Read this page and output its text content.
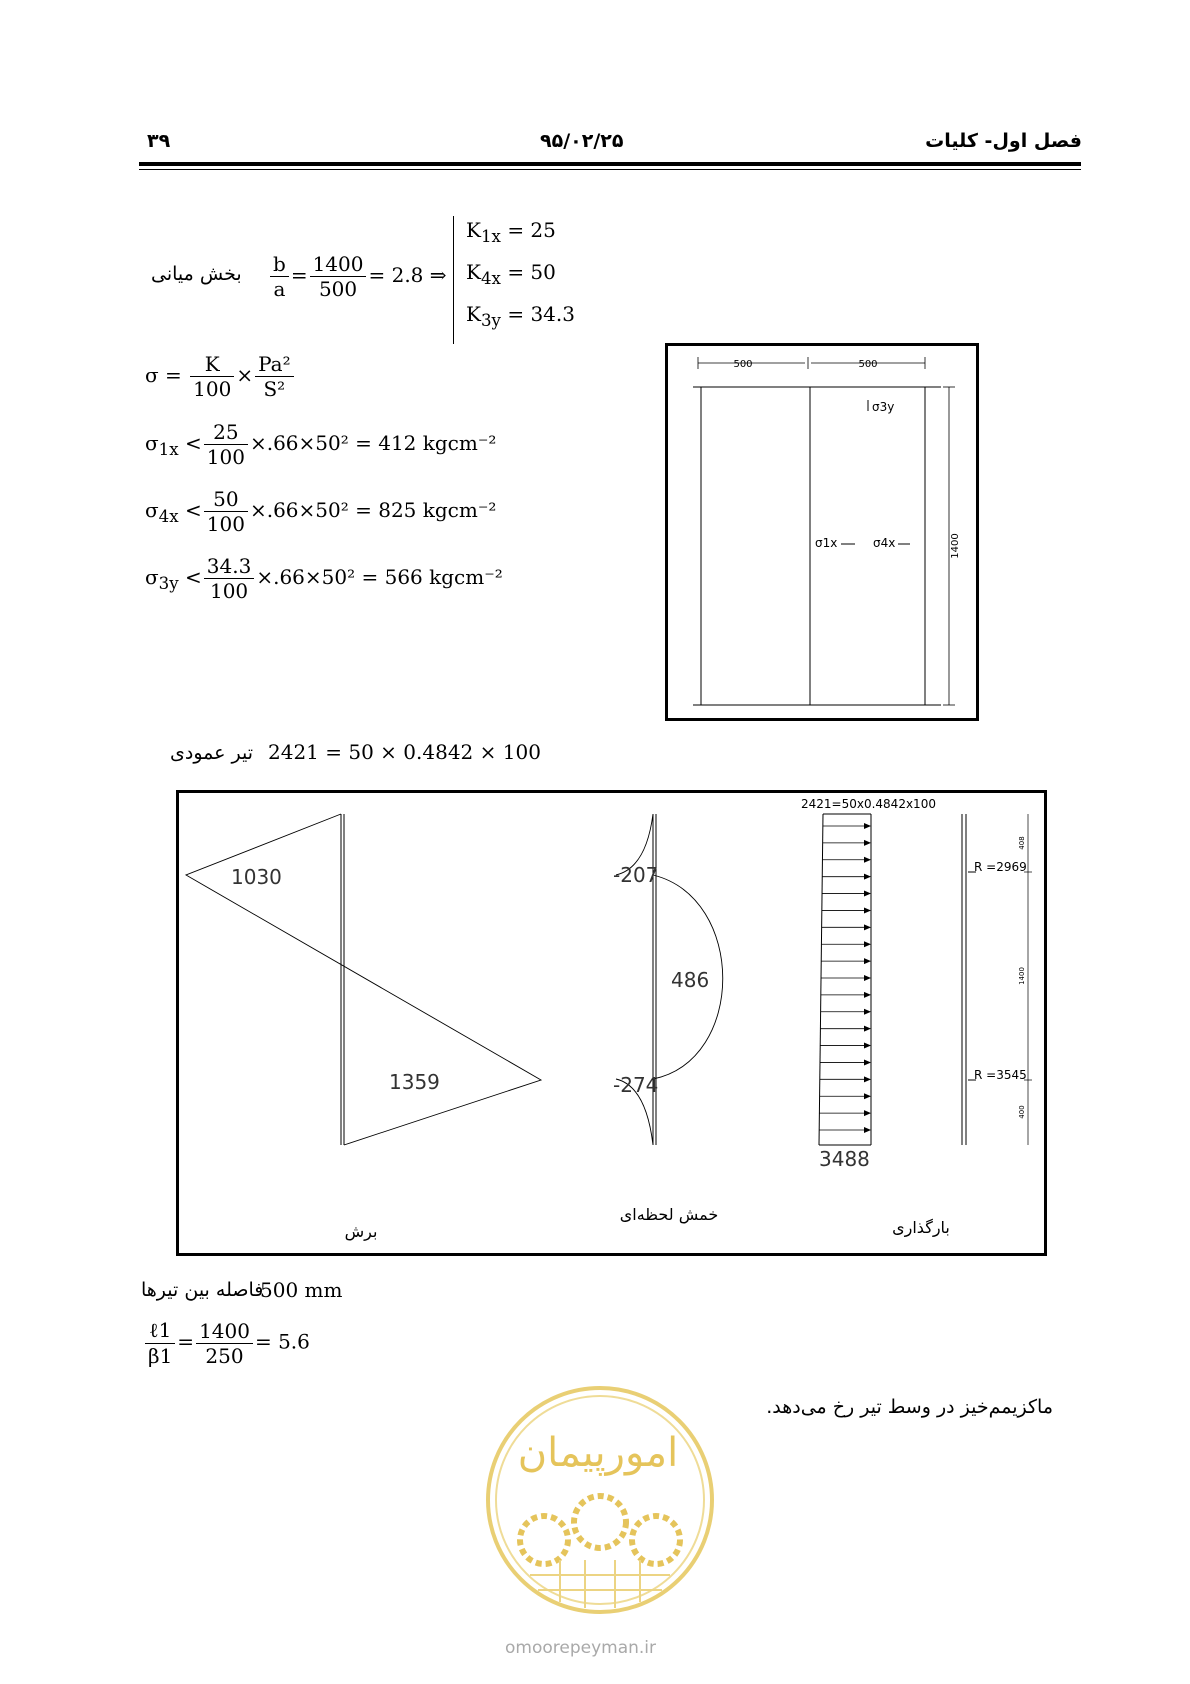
فصل اول- کلیات
۹۵/۰۲/۲۵
۳۹
بخش میانی $\frac{b}{a} = \frac{1400}{500} = 2.8$ ⇒
$K_{1x} = 25$
$K_{4x} = 50$
$K_{3y} = 34.3$
$\sigma = \frac{K}{100} \times \frac{\text{Pa²}}{\text{S²}}$
$\sigma_{1x} < \frac{25}{100} \times.66\times 50^2 = 412$ kgcm⁻²
$\sigma_{4x} < \frac{50}{100} \times.66\times 50^2 = 825$ kgcm⁻²
$\sigma_{3y} < \frac{34.3}{100} \times.66\times 50^2 = 566$ kgcm⁻²
500	500
1400
σ3y
σ1x	σ4x
2421 = 50 × 0.4842 × 100
تیر عمودی
1030
1359
-207
486
-274
2421=50x0.4842x100
3488
R =2969
R =3545
408
1400
400
برش
خمش لحظه‌ای
بارگذاری
500 mm
فاصله بین تیرها
$\frac{\text{ℓ1}}{\beta 1} = \frac{1400}{250} = 5.6$
ماکزیمم‌خیز در وسط تیر رخ می‌دهد.
امورپیمان
omoorepeyman.ir
